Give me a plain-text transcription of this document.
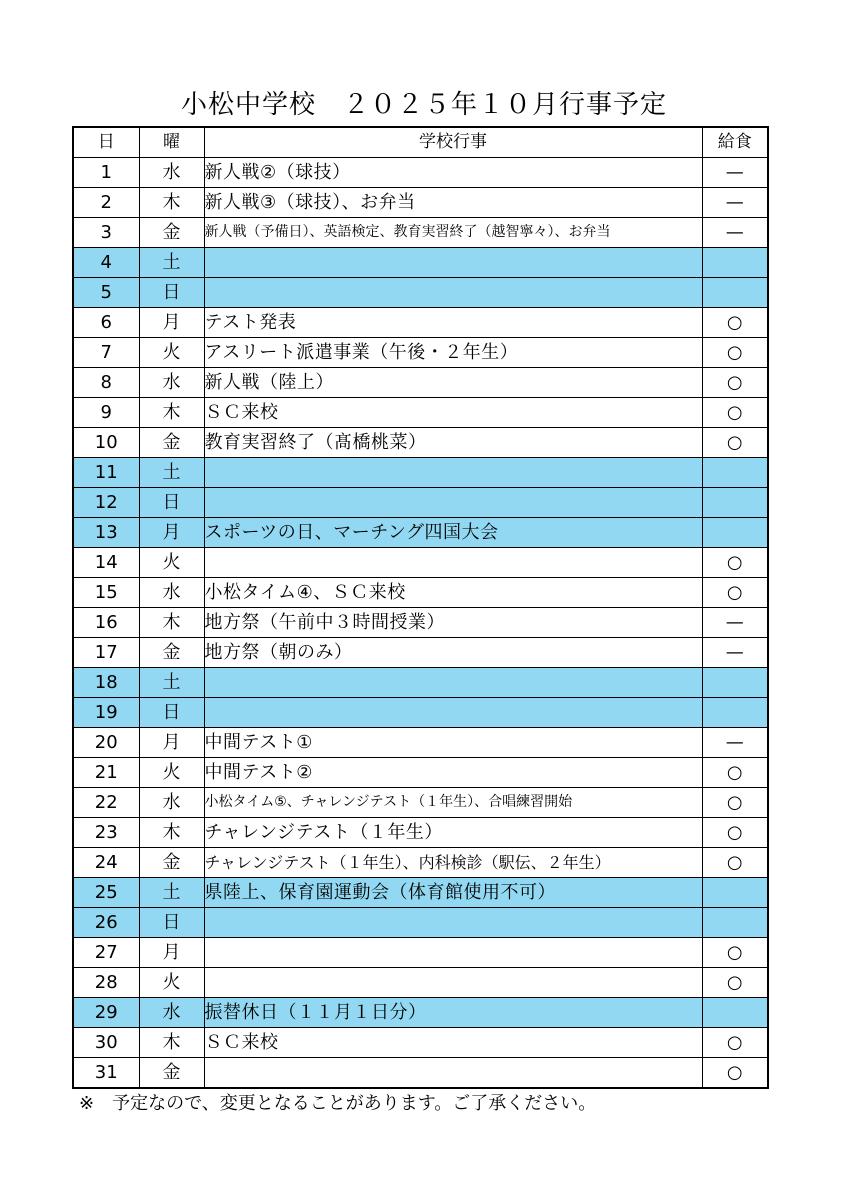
小松中学校　２０２５年１０月行事予定
日	曜	学校行事	給食
1	水	新人戦②（球技）	—
2	木	新人戦③（球技）、お弁当	—
3	金	新人戦（予備日）、英語検定、教育実習終了（越智寧々）、お弁当	—
4	土		
5	日		
6	月	テスト発表	○
7	火	アスリート派遣事業（午後・２年生）	○
8	水	新人戦（陸上）	○
9	木	ＳＣ来校	○
10	金	教育実習終了（髙橋桃菜）	○
11	土		
12	日		
13	月	スポーツの日、マーチング四国大会	
14	火		○
15	水	小松タイム④、ＳＣ来校	○
16	木	地方祭（午前中３時間授業）	—
17	金	地方祭（朝のみ）	—
18	土		
19	日		
20	月	中間テスト①	—
21	火	中間テスト②	○
22	水	小松タイム⑤、チャレンジテスト（１年生）、合唱練習開始	○
23	木	チャレンジテスト（１年生）	○
24	金	チャレンジテスト（１年生）、内科検診（駅伝、２年生）	○
25	土	県陸上、保育園運動会（体育館使用不可）	
26	日		
27	月		○
28	火		○
29	水	振替休日（１１月１日分）	
30	木	ＳＣ来校	○
31	金		○
※　予定なので、変更となることがあります。ご了承ください。
